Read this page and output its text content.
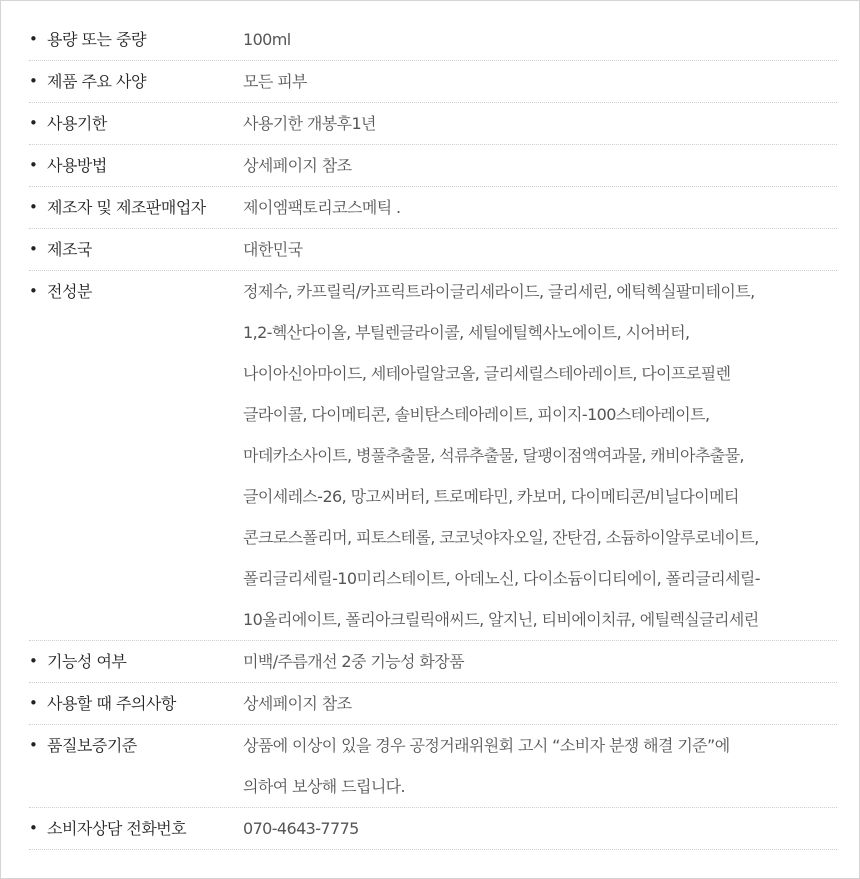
• 용량 또는 중량	100ml
• 제품 주요 사양	모든 피부
• 사용기한	사용기한 개봉후1년
• 사용방법	상세페이지 참조
• 제조자 및 제조판매업자	제이엠팩토리코스메틱 .
• 제조국	대한민국
• 전성분	정제수, 카프릴릭/카프릭트라이글리세라이드, 글리세린, 에틱헥실팔미테이트,
1,2-헥산다이올, 부틸렌글라이콜, 세틸에틸헥사노에이트, 시어버터,
나이아신아마이드, 세테아릴알코올, 글리세릴스테아레이트, 다이프로필렌
글라이콜, 다이메티콘, 솔비탄스테아레이트, 피이지-100스테아레이트,
마데카소사이트, 병풀추출물, 석류추출물, 달팽이점액여과물, 캐비아추출물,
글이세레스-26, 망고씨버터, 트로메타민, 카보머, 다이메티콘/비닐다이메티
콘크로스폴리머, 피토스테롤, 코코넛야자오일, 잔탄검, 소듐하이알루로네이트,
폴리글리세릴-10미리스테이트, 아데노신, 다이소듐이디티에이, 폴리글리세릴-
10올리에이트, 폴리아크릴릭애씨드, 알지닌, 티비에이치큐, 에틸렉실글리세린
• 기능성 여부	미백/주름개선 2중 기능성 화장품
• 사용할 때 주의사항	상세페이지 참조
• 품질보증기준	상품에 이상이 있을 경우 공정거래위원회 고시 “소비자 분쟁 해결 기준”에
의하여 보상해 드립니다.
• 소비자상담 전화번호	070-4643-7775
